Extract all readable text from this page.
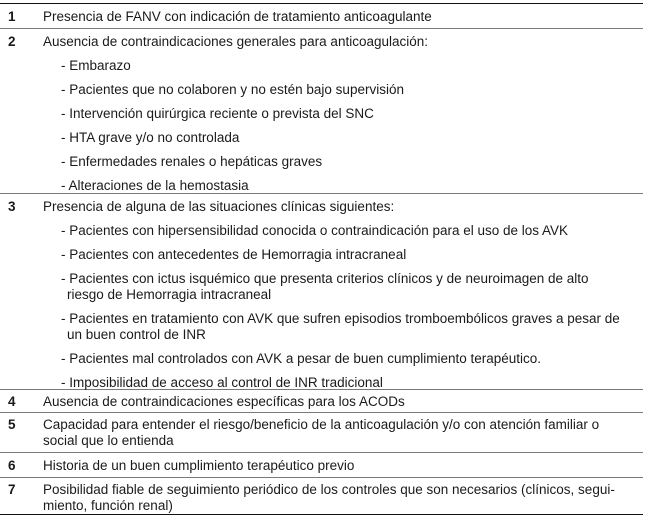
1 Presencia de FANV con indicación de tratamiento anticoagulante
2 Ausencia de contraindicaciones generales para anticoagulación:
- Embarazo
- Pacientes que no colaboren y no estén bajo supervisión
- Intervención quirúrgica reciente o prevista del SNC
- HTA grave y/o no controlada
- Enfermedades renales o hepáticas graves
- Alteraciones de la hemostasia
3 Presencia de alguna de las situaciones clínicas siguientes:
- Pacientes con hipersensibilidad conocida o contraindicación para el uso de los AVK
- Pacientes con antecedentes de Hemorragia intracraneal
- Pacientes con ictus isquémico que presenta criterios clínicos y de neuroimagen de alto riesgo de Hemorragia intracraneal
- Pacientes en tratamiento con AVK que sufren episodios tromboembólicos graves a pesar de un buen control de INR
- Pacientes mal controlados con AVK a pesar de buen cumplimiento terapéutico.
- Imposibilidad de acceso al control de INR tradicional
4 Ausencia de contraindicaciones específicas para los ACODs
5 Capacidad para entender el riesgo/beneficio de la anticoagulación y/o con atención familiar o social que lo entienda
6 Historia de un buen cumplimiento terapéutico previo
7 Posibilidad fiable de seguimiento periódico de los controles que son necesarios (clínicos, segui- miento, función renal)
